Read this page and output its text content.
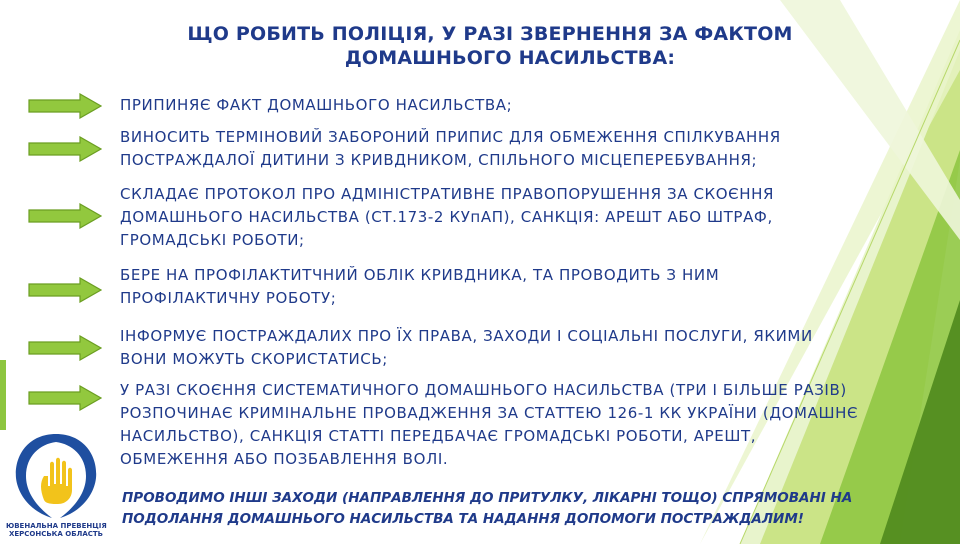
ЩО РОБИТЬ ПОЛІЦІЯ, У РАЗІ ЗВЕРНЕННЯ ЗА ФАКТОМ
ДОМАШНЬОГО НАСИЛЬСТВА:
ПРИПИНЯЄ ФАКТ ДОМАШНЬОГО НАСИЛЬСТВА;
ВИНОСИТЬ ТЕРМІНОВИЙ ЗАБОРОНИЙ ПРИПИС ДЛЯ ОБМЕЖЕННЯ СПІЛКУВАННЯ
ПОСТРАЖДАЛОЇ ДИТИНИ З КРИВДНИКОМ, СПІЛЬНОГО МІСЦЕПЕРЕБУВАННЯ;
СКЛАДАЄ ПРОТОКОЛ ПРО АДМІНІСТРАТИВНЕ ПРАВОПОРУШЕННЯ ЗА СКОЄННЯ
ДОМАШНЬОГО НАСИЛЬСТВА (СТ.173-2 КУпАП), САНКЦІЯ: АРЕШТ АБО ШТРАФ,
ГРОМАДСЬКІ РОБОТИ;
БЕРЕ НА ПРОФІЛАКТИТЧНИЙ ОБЛІК КРИВДНИКА, ТА ПРОВОДИТЬ З НИМ
ПРОФІЛАКТИЧНУ РОБОТУ;
ІНФОРМУЄ ПОСТРАЖДАЛИХ ПРО ЇХ ПРАВА, ЗАХОДИ І СОЦІАЛЬНІ ПОСЛУГИ, ЯКИМИ
ВОНИ МОЖУТЬ СКОРИСТАТИСЬ;
У РАЗІ СКОЄННЯ СИСТЕМАТИЧНОГО ДОМАШНЬОГО НАСИЛЬСТВА (ТРИ І БІЛЬШЕ РАЗІВ)
РОЗПОЧИНАЄ КРИМІНАЛЬНЕ ПРОВАДЖЕННЯ ЗА СТАТТЕЮ 126-1 КК УКРАЇНИ (ДОМАШНЄ
НАСИЛЬСТВО), САНКЦІЯ СТАТТІ ПЕРЕДБАЧАЄ ГРОМАДСЬКІ РОБОТИ, АРЕШТ,
ОБМЕЖЕННЯ АБО ПОЗБАВЛЕННЯ ВОЛІ.
ПРОВОДИМО ІНШІ ЗАХОДИ (НАПРАВЛЕННЯ ДО ПРИТУЛКУ, ЛІКАРНІ ТОЩО) СПРЯМОВАНІ НА
ПОДОЛАННЯ ДОМАШНЬОГО НАСИЛЬСТВА ТА НАДАННЯ ДОПОМОГИ ПОСТРАЖДАЛИМ!
ЮВЕНАЛЬНА ПРЕВЕНЦІЯ
ХЕРСОНСЬКА ОБЛАСТЬ
